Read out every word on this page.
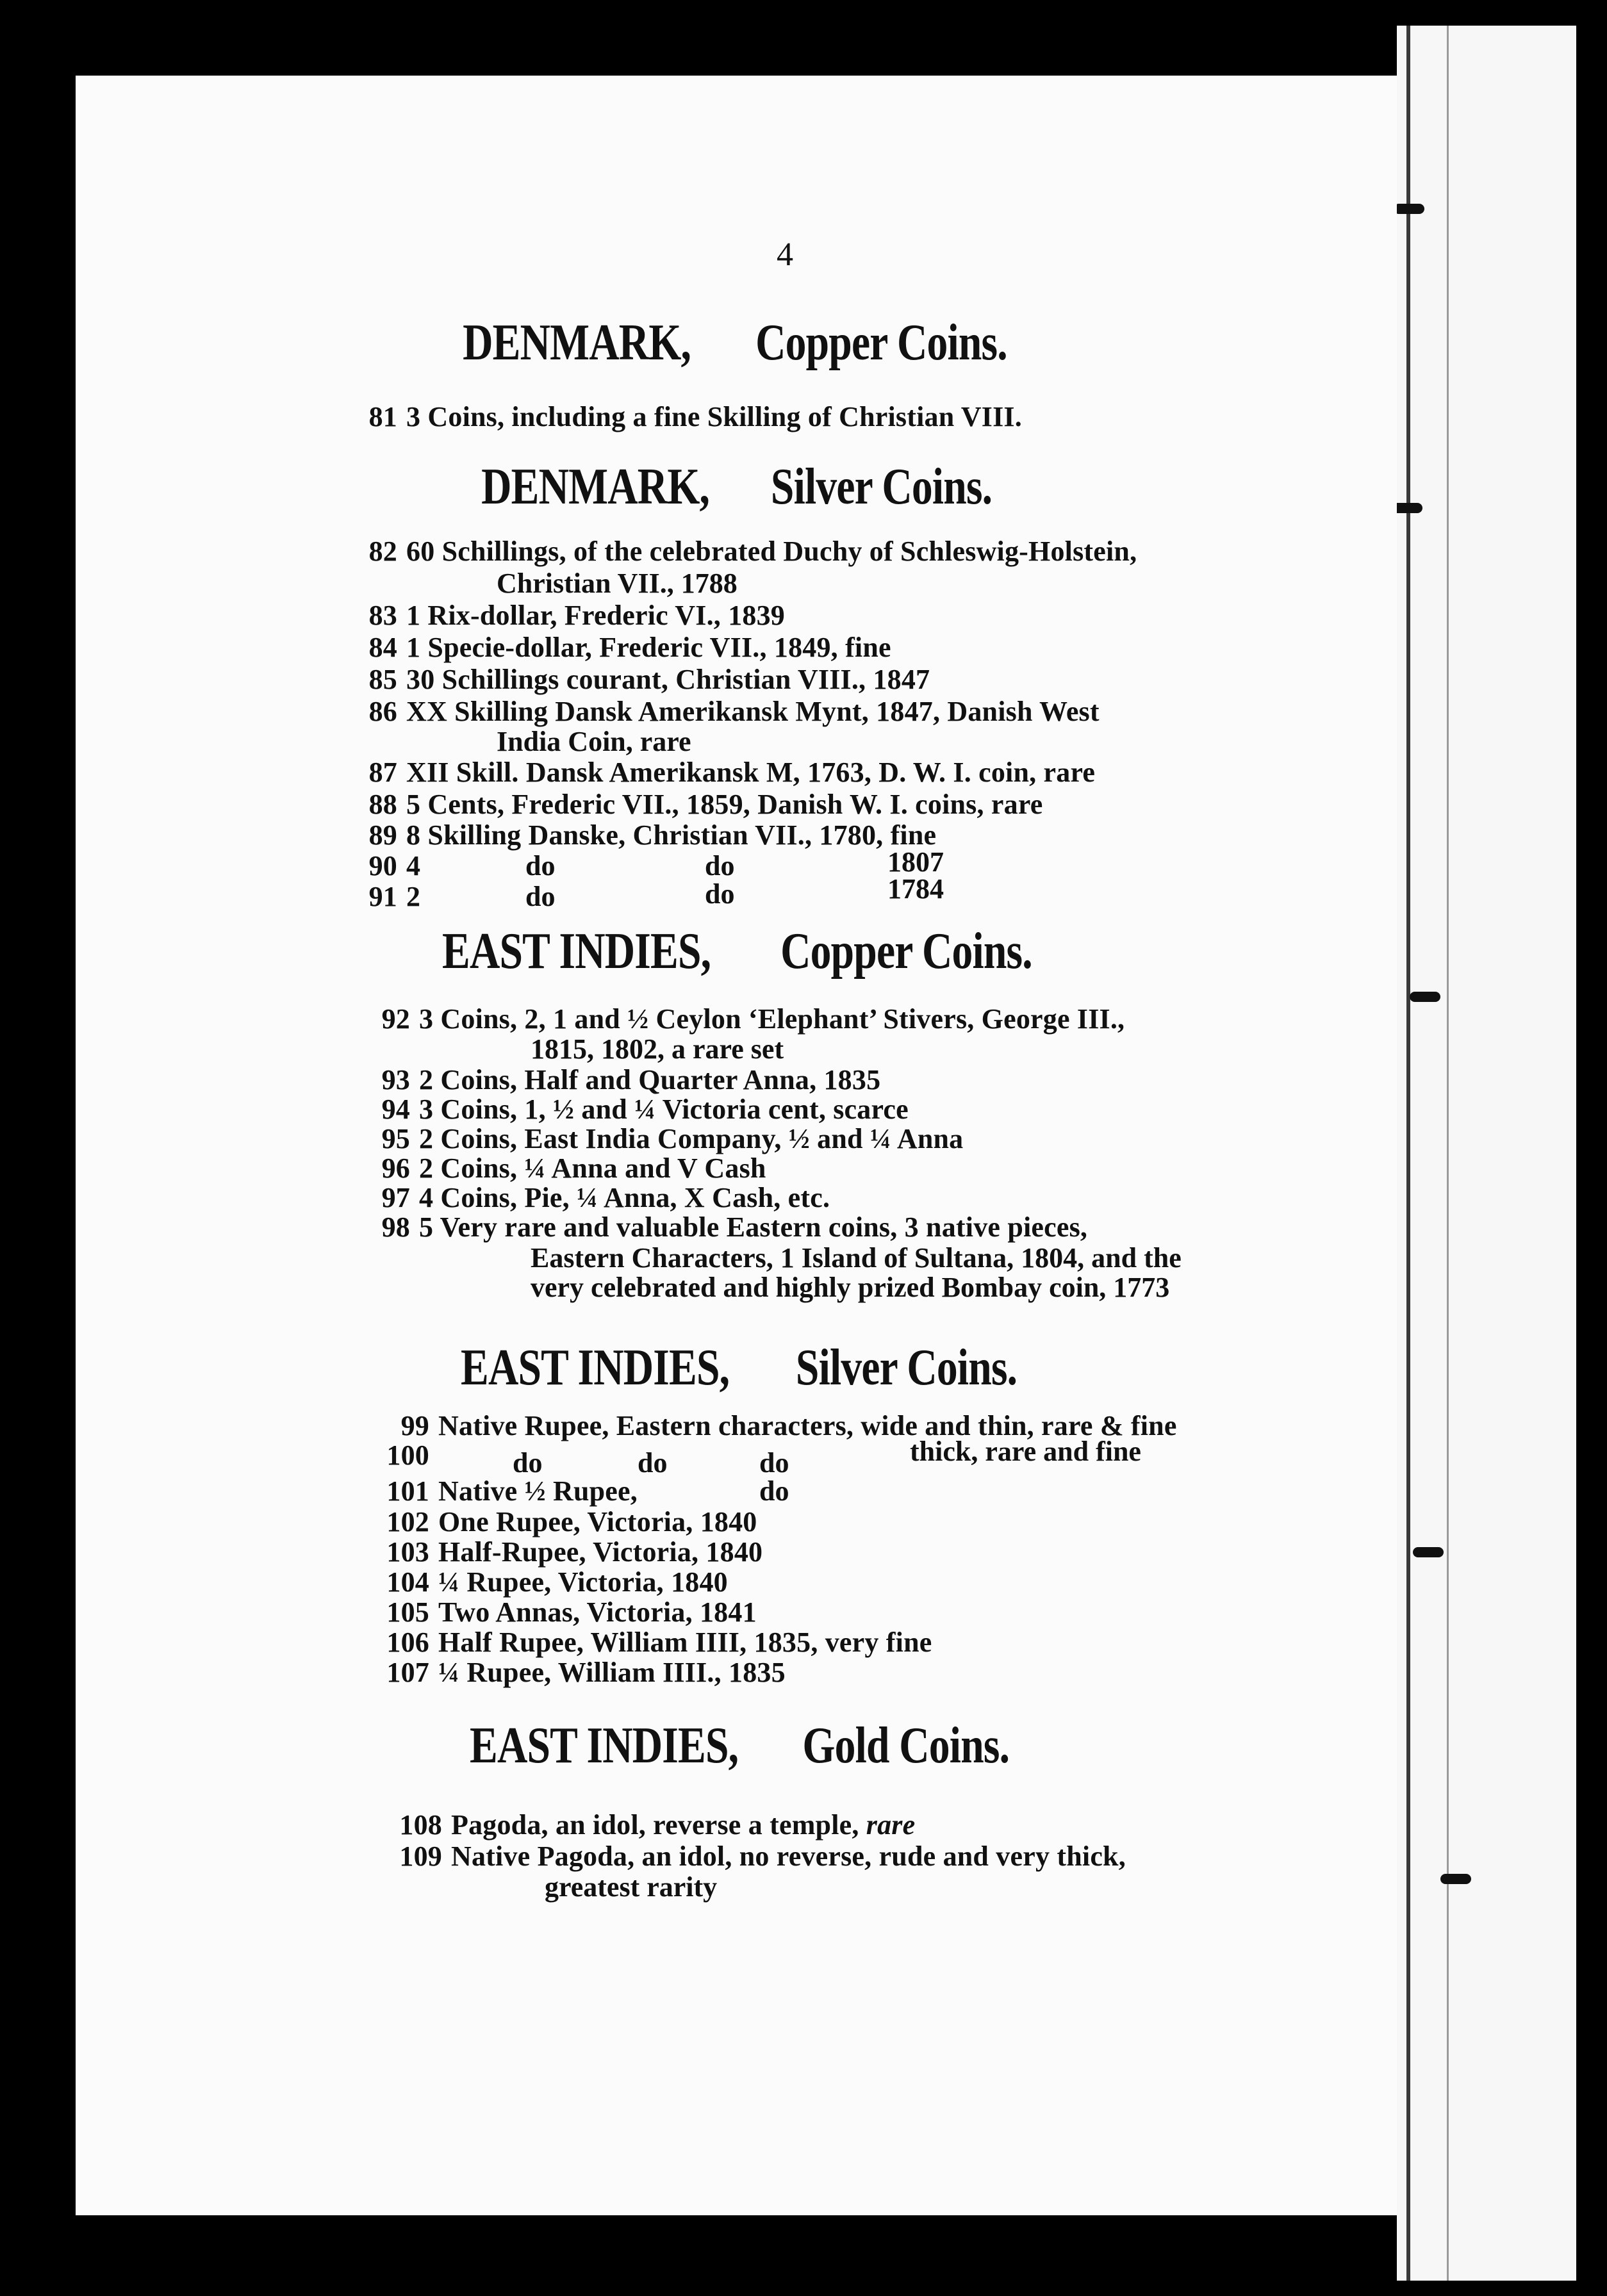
4
DENMARK, Copper Coins.
DENMARK, Silver Coins.
EAST INDIES, Copper Coins.
EAST INDIES, Silver Coins.
EAST INDIES, Gold Coins.
81 3 Coins, including a fine Skilling of Christian VIII.
82 60 Schillings, of the celebrated Duchy of Schleswig-Holstein,
Christian VII., 1788
83 1 Rix-dollar, Frederic VI., 1839
84 1 Specie-dollar, Frederic VII., 1849, fine
85 30 Schillings courant, Christian VIII., 1847
86 XX Skilling Dansk Amerikansk Mynt, 1847, Danish West
India Coin, rare
87 XII Skill. Dansk Amerikansk M, 1763, D. W. I. coin, rare
88 5 Cents, Frederic VII., 1859, Danish W. I. coins, rare
89 8 Skilling Danske, Christian VII., 1780, fine
90 4	do	do	1807
91 2	do	do	1784
92 3 Coins, 2, 1 and ½ Ceylon ‘Elephant’ Stivers, George III.,
1815, 1802, a rare set
93 2 Coins, Half and Quarter Anna, 1835
94 3 Coins, 1, ½ and ¼ Victoria cent, scarce
95 2 Coins, East India Company, ½ and ¼ Anna
96 2 Coins, ¼ Anna and V Cash
97 4 Coins, Pie, ¼ Anna, X Cash, etc.
98 5 Very rare and valuable Eastern coins, 3 native pieces,
Eastern Characters, 1 Island of Sultana, 1804, and the
very celebrated and highly prized Bombay coin, 1773
99 Native Rupee, Eastern characters, wide and thin, rare & fine
100	do	do	do	thick, rare and fine
101 Native ½ Rupee,	do
102 One Rupee, Victoria, 1840
103 Half-Rupee, Victoria, 1840
104 ¼ Rupee, Victoria, 1840
105 Two Annas, Victoria, 1841
106 Half Rupee, William IIII, 1835, very fine
107 ¼ Rupee, William IIII., 1835
108 Pagoda, an idol, reverse a temple, rare
109 Native Pagoda, an idol, no reverse, rude and very thick,
greatest rarity
